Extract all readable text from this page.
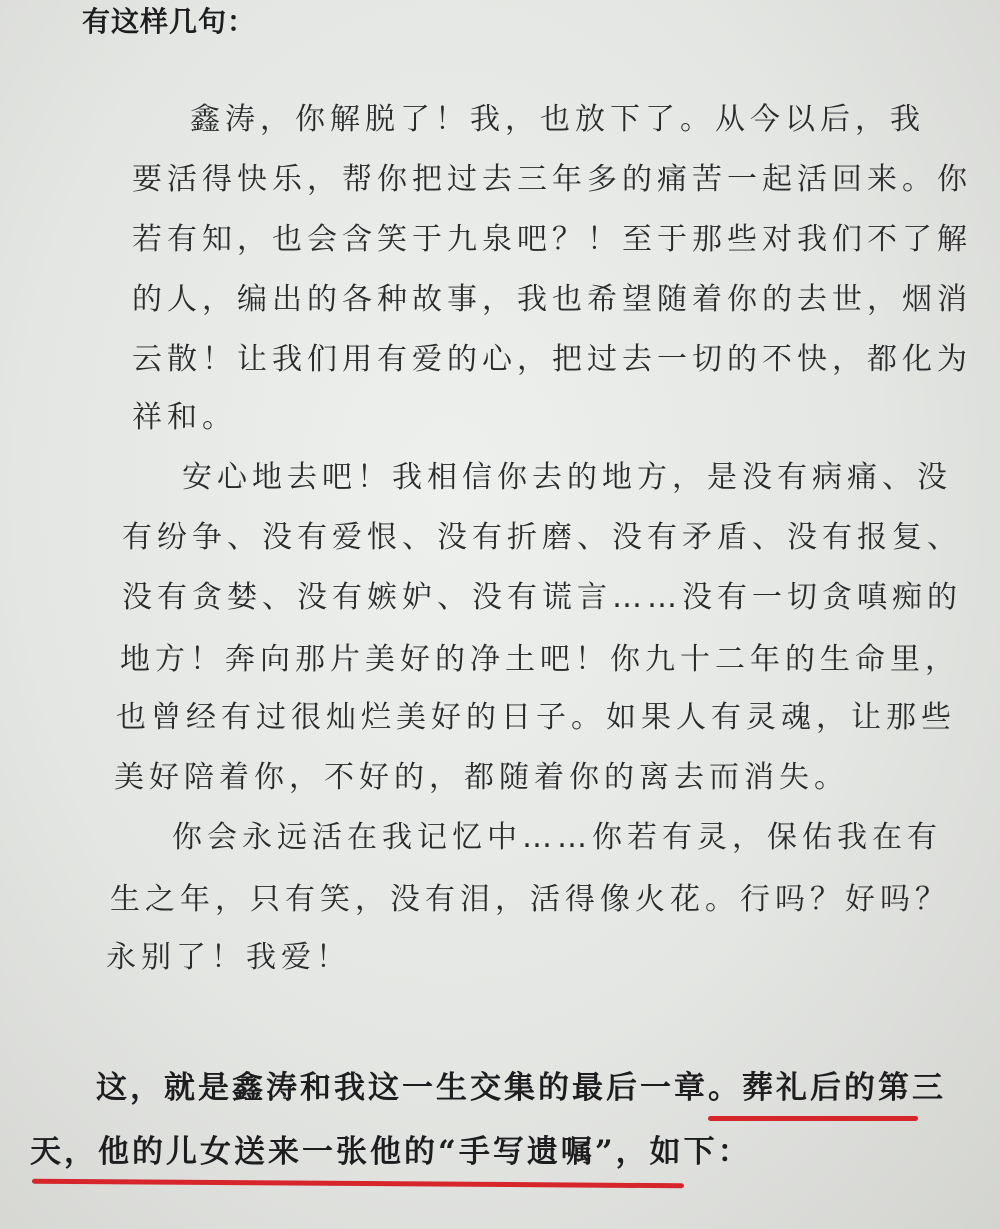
有这样几句：

鑫涛，你解脱了！我，也放下了。从今以后，我

要活得快乐，帮你把过去三年多的痛苦一起活回来。你

若有知，也会含笑于九泉吧？！至于那些对我们不了解

的人，编出的各种故事，我也希望随着你的去世，烟消

云散！让我们用有爱的心，把过去一切的不快，都化为

祥和。

安心地去吧！我相信你去的地方，是没有病痛、没

有纷争、没有爱恨、没有折磨、没有矛盾、没有报复、

没有贪婪、没有嫉妒、没有谎言……没有一切贪嗔痴的

地方！奔向那片美好的净土吧！你九十二年的生命里，

也曾经有过很灿烂美好的日子。如果人有灵魂，让那些

美好陪着你，不好的，都随着你的离去而消失。

你会永远活在我记忆中……你若有灵，保佑我在有

生之年，只有笑，没有泪，活得像火花。行吗？好吗？

永别了！我爱！

这，就是鑫涛和我这一生交集的最后一章。葬礼后的第三

天，他的儿女送来一张他的“手写遗嘱”，如下：
